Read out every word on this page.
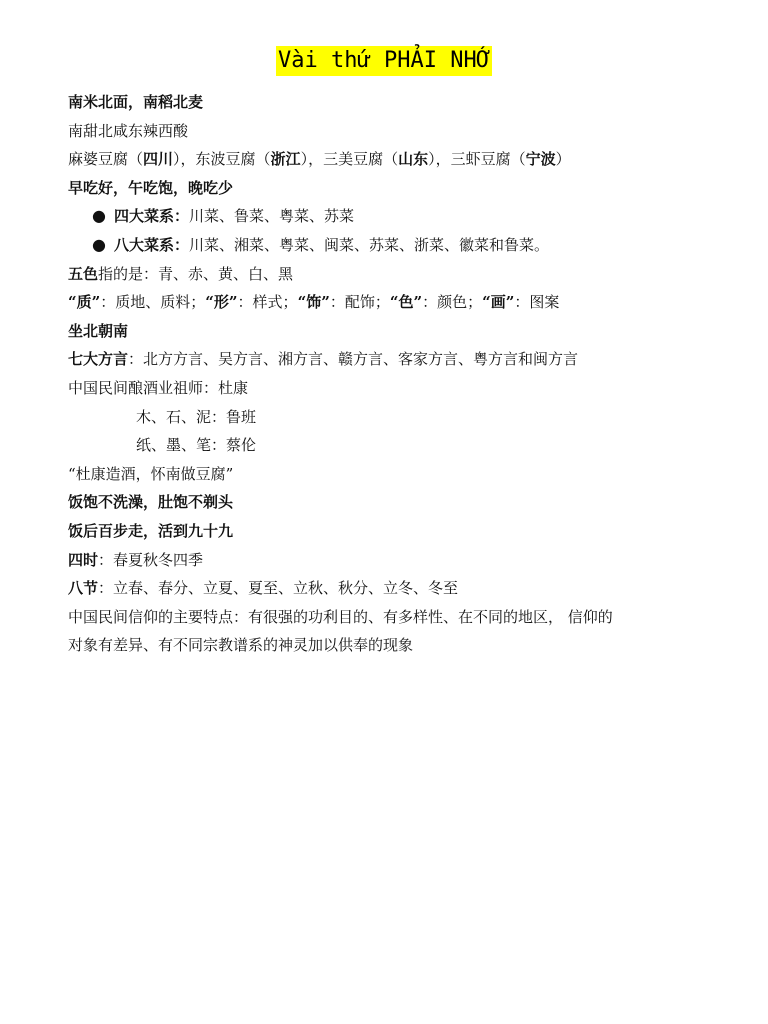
Vài thứ PHẢI NHỚ
南米北面，南稻北麦
南甜北咸东辣西酸
麻婆豆腐（四川），东波豆腐（浙江），三美豆腐（山东），三虾豆腐（宁波）
早吃好，午吃饱，晚吃少
● 四大菜系：川菜、鲁菜、粤菜、苏菜
● 八大菜系：川菜、湘菜、粤菜、闽菜、苏菜、浙菜、徽菜和鲁菜。
五色指的是：青、赤、黄、白、黑
“质”：质地、质料；“形”：样式；“饰”：配饰；“色”：颜色；“画”：图案
坐北朝南
七大方言：北方方言、吴方言、湘方言、赣方言、客家方言、粤方言和闽方言
中国民间酿酒业祖师：杜康
木、石、泥：鲁班
纸、墨、笔：蔡伦
“杜康造酒，怀南做豆腐”
饭饱不洗澡，肚饱不剃头
饭后百步走，活到九十九
四时：春夏秋冬四季
八节：立春、春分、立夏、夏至、立秋、秋分、立冬、冬至
中国民间信仰的主要特点：有很强的功利目的、有多样性、在不同的地区， 信仰的
对象有差异、有不同宗教谱系的神灵加以供奉的现象
